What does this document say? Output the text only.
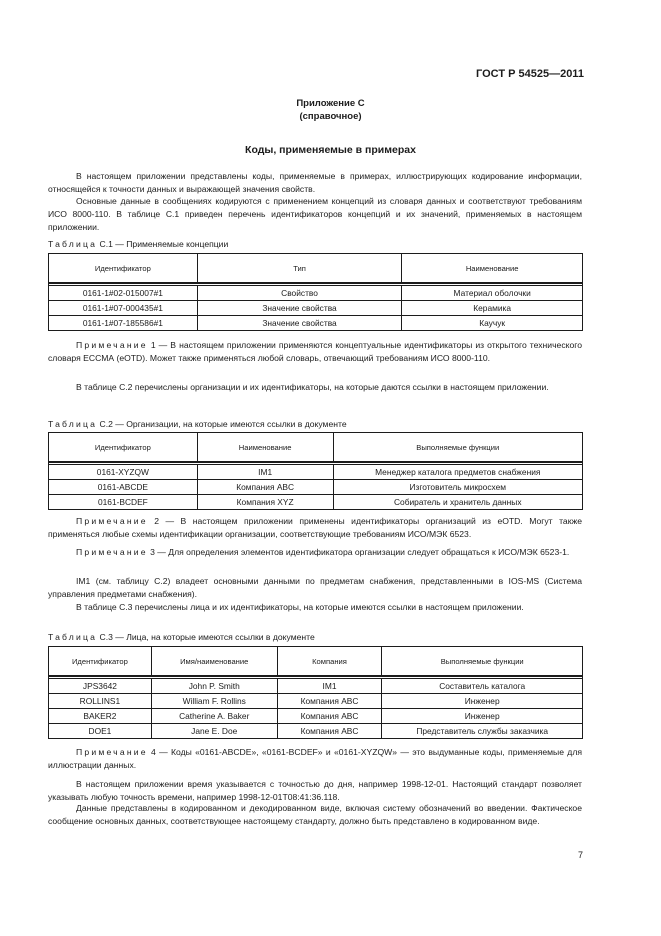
ГОСТ Р 54525—2011
Приложение С
(справочное)
Коды, применяемые в примерах

В настоящем приложении представлены коды, применяемые в примерах, иллюстрирующих кодирование информации, относящейся к точности данных и выражающей значения свойств.

Основные данные в сообщениях кодируются с применением концепций из словаря данных и соответствуют требованиям ИСО 8000-110. В таблице С.1 приведен перечень идентификаторов концепций и их значений, применяемых в настоящем приложении.

Таблица С.1 — Применяемые концепции
Идентификатор	Тип	Наименование

0161-1#02-015007#1	Свойство	Материал оболочки
0161-1#07-000435#1	Значение свойства	Керамика
0161-1#07-185586#1	Значение свойства	Каучук

Примечание 1 — В настоящем приложении применяются концептуальные идентификаторы из открытого технического словаря ЕССМА (eOTD). Может также применяться любой словарь, отвечающий требованиям ИСО 8000-110.

В таблице С.2 перечислены организации и их идентификаторы, на которые даются ссылки в настоящем приложении.

Таблица С.2 — Организации, на которые имеются ссылки в документе
Идентификатор	Наименование	Выполняемые функции

0161-XYZQW	IM1	Менеджер каталога предметов снабжения
0161-ABCDE	Компания ABC	Изготовитель микросхем
0161-BCDEF	Компания XYZ	Собиратель и хранитель данных

Примечание 2 — В настоящем приложении применены идентификаторы организаций из eOTD. Могут также применяться любые схемы идентификации организации, соответствующие требованиям ИСО/МЭК 6523.

Примечание 3 — Для определения элементов идентификатора организации следует обращаться к ИСО/МЭК 6523-1.

IM1 (см. таблицу С.2) владеет основными данными по предметам снабжения, представленными в IOS-MS (Система управления предметами снабжения).

В таблице С.3 перечислены лица и их идентификаторы, на которые имеются ссылки в настоящем приложении.

Таблица С.3 — Лица, на которые имеются ссылки в документе
Идентификатор	Имя/наименование	Компания	Выполняемые функции

JPS3642	John P. Smith	IM1	Составитель каталога
ROLLINS1	William F. Rollins	Компания ABC	Инженер
BAKER2	Catherine A. Baker	Компания ABC	Инженер
DOE1	Jane E. Doe	Компания ABC	Представитель службы заказчика

Примечание 4 — Коды «0161-ABCDE», «0161-BCDEF» и «0161-XYZQW» — это выдуманные коды, применяемые для иллюстрации данных.

В настоящем приложении время указывается с точностью до дня, например 1998-12-01. Настоящий стандарт позволяет указывать любую точность времени, например 1998-12-01T08:41:36.118.

Данные представлены в кодированном и декодированном виде, включая систему обозначений во введении. Фактическое сообщение основных данных, соответствующее настоящему стандарту, должно быть представлено в кодированном виде.

7
